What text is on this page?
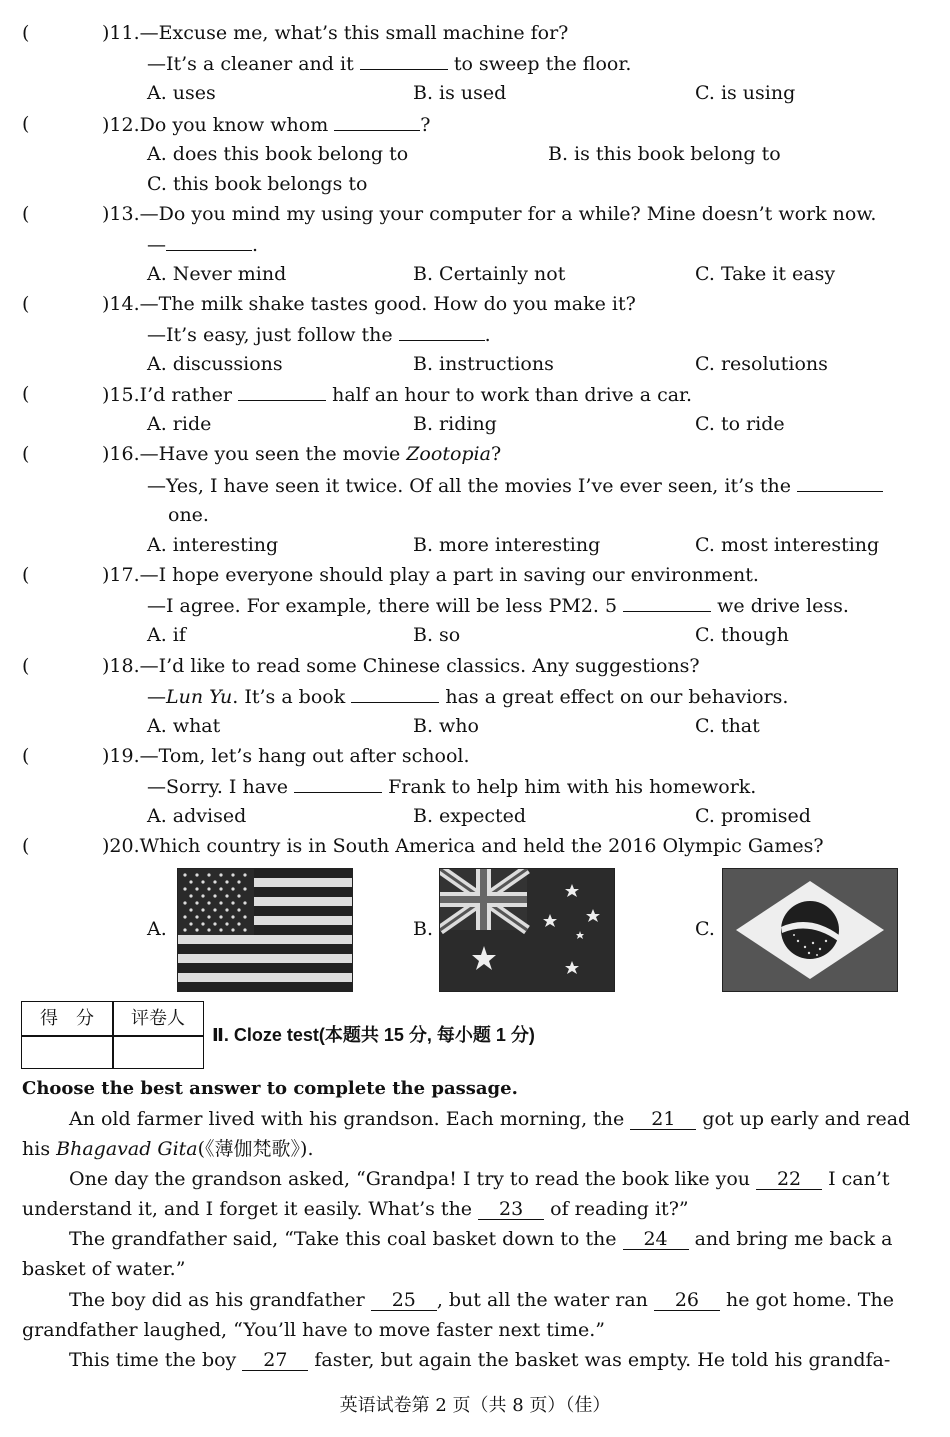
(	)11.—Excuse me, what’s this small machine for?
—It’s a cleaner and it	to sweep the floor.
A. uses	B. is used	C. is using
(	)12.Do you know whom	?
A. does this book belong to	B. is this book belong to
C. this book belongs to
(	)13.—Do you mind my using your computer for a while? Mine doesn’t work now.
—	.
A. Never mind	B. Certainly not	C. Take it easy
(	)14.—The milk shake tastes good. How do you make it?
—It’s easy, just follow the	.
A. discussions	B. instructions	C. resolutions
(	)15.I’d rather	half an hour to work than drive a car.
A. ride	B. riding	C. to ride
(	)16.—Have you seen the movie Zootopia?
—Yes, I have seen it twice. Of all the movies I’ve ever seen, it’s the
one.
A. interesting	B. more interesting	C. most interesting
(	)17.—I hope everyone should play a part in saving our environment.
—I agree. For example, there will be less PM2. 5	we drive less.
A. if	B. so	C. though
(	)18.—I’d like to read some Chinese classics. Any suggestions?
—Lun Yu. It’s a book	has a great effect on our behaviors.
A. what	B. who	C. that
(	)19.—Tom, let’s hang out after school.
—Sorry. I have	Frank to help him with his homework.
A. advised	B. expected	C. promised
(	)20.Which country is in South America and held the 2016 Olympic Games?
A.	B.	C.
得　分	评卷人
Ⅱ. Cloze test(本题共 15 分, 每小题 1 分)
Choose the best answer to complete the passage.
An old farmer lived with his grandson. Each morning, the 21 got up early and read
his Bhagavad Gita(《薄伽梵歌》).
One day the grandson asked, “Grandpa! I try to read the book like you 22 I can’t
understand it, and I forget it easily. What’s the 23 of reading it?”
The grandfather said, “Take this coal basket down to the 24 and bring me back a
basket of water.”
The boy did as his grandfather 25 , but all the water ran 26 he got home. The
grandfather laughed, “You’ll have to move faster next time.”
This time the boy 27 faster, but again the basket was empty. He told his grandfa-
英语试卷第 2 页（共 8 页）（佳）
